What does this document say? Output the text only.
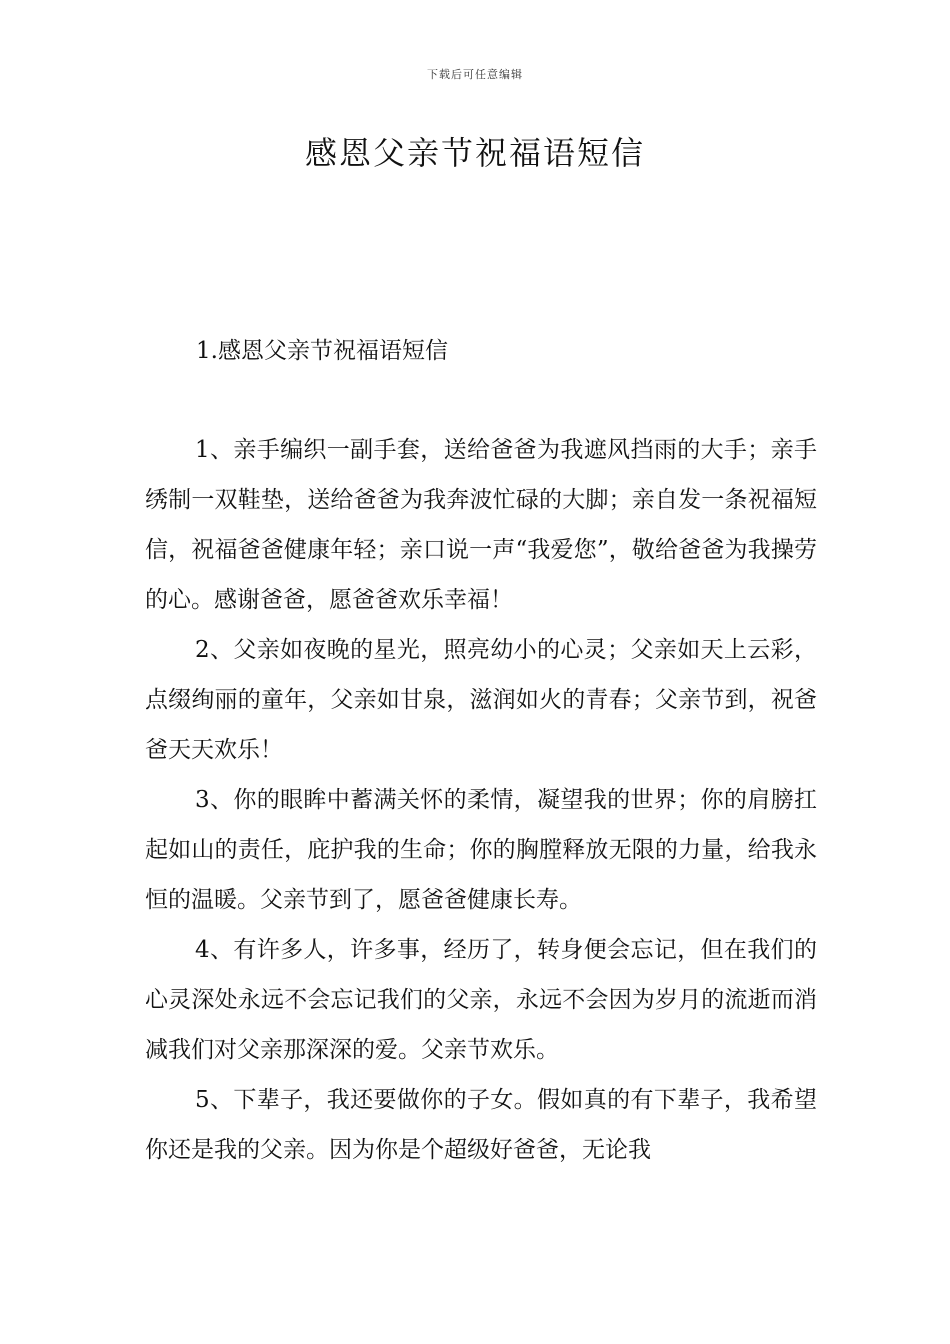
下载后可任意编辑
感恩父亲节祝福语短信
1.感恩父亲节祝福语短信

1、亲手编织一副手套，送给爸爸为我遮风挡雨的大手；亲手绣制一双鞋垫，送给爸爸为我奔波忙碌的大脚；亲自发一条祝福短信，祝福爸爸健康年轻；亲口说一声“我爱您”，敬给爸爸为我操劳的心。感谢爸爸，愿爸爸欢乐幸福！

2、父亲如夜晚的星光，照亮幼小的心灵；父亲如天上云彩，点缀绚丽的童年，父亲如甘泉，滋润如火的青春；父亲节到，祝爸爸天天欢乐！

3、你的眼眸中蓄满关怀的柔情，凝望我的世界；你的肩膀扛起如山的责任，庇护我的生命；你的胸膛释放无限的力量，给我永恒的温暖。父亲节到了，愿爸爸健康长寿。

4、有许多人，许多事，经历了，转身便会忘记，但在我们的心灵深处永远不会忘记我们的父亲，永远不会因为岁月的流逝而消减我们对父亲那深深的爱。父亲节欢乐。

5、下辈子，我还要做你的子女。假如真的有下辈子，我希望你还是我的父亲。因为你是个超级好爸爸，无论我
